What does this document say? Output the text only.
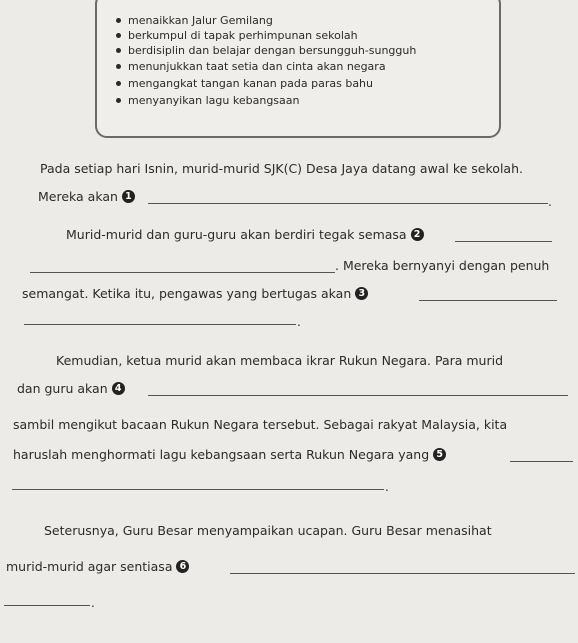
menaikkan Jalur Gemilang
berkumpul di tapak perhimpunan sekolah
berdisiplin dan belajar dengan bersungguh-sungguh
menunjukkan taat setia dan cinta akan negara
mengangkat tangan kanan pada paras bahu
menyanyikan lagu kebangsaan
Pada setiap hari Isnin, murid-murid SJK(C) Desa Jaya datang awal ke sekolah.
Mereka akan 1	.
Murid-murid dan guru-guru akan berdiri tegak semasa 2
. Mereka bernyanyi dengan penuh
semangat. Ketika itu, pengawas yang bertugas akan 3
.
Kemudian, ketua murid akan membaca ikrar Rukun Negara. Para murid
dan guru akan 4
sambil mengikut bacaan Rukun Negara tersebut. Sebagai rakyat Malaysia, kita
haruslah menghormati lagu kebangsaan serta Rukun Negara yang 5
.
Seterusnya, Guru Besar menyampaikan ucapan. Guru Besar menasihat
murid-murid agar sentiasa 6
.
